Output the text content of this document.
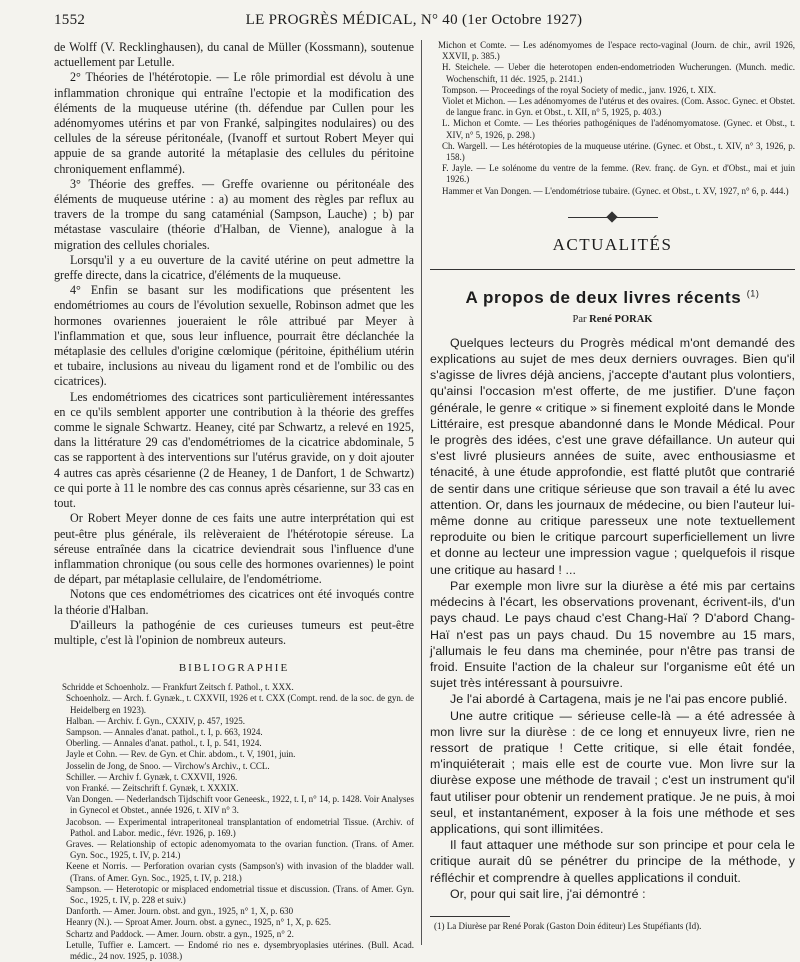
1552	LE PROGRÈS MÉDICAL, N° 40 (1er Octobre 1927)

de Wolff (V. Recklinghausen), du canal de Müller (Kossmann), soutenue actuellement par Letulle.

2° Théories de l'hétérotopie. — Le rôle primordial est dévolu à une inflammation chronique qui entraîne l'ectopie et la modification des éléments de la muqueuse utérine (th. défendue par Cullen pour les adénomyomes utérins et par von Franké, salpingites nodulaires) ou des cellules de la séreuse péritonéale, (Ivanoff et surtout Robert Meyer qui appuie de sa grande autorité la métaplasie des cellules du péritoine chroniquement enflammé).

3° Théorie des greffes. — Greffe ovarienne ou péritonéale des éléments de muqueuse utérine : a) au moment des règles par reflux au travers de la trompe du sang cataménial (Sampson, Lauche) ; b) par métastase vasculaire (théorie d'Halban, de Vienne), analogue à la migration des cellules choriales.

Lorsqu'il y a eu ouverture de la cavité utérine on peut admettre la greffe directe, dans la cicatrice, d'éléments de la muqueuse.

4° Enfin se basant sur les modifications que présentent les endométriomes au cours de l'évolution sexuelle, Robinson admet que les hormones ovariennes joueraient le rôle attribué par Meyer à l'inflammation et que, sous leur influence, pourrait être déclanchée la métaplasie des cellules d'origine cœlomique (péritoine, épithélium utérin et tubaire, inclusions au niveau du ligament rond et de l'ombilic ou des cicatrices).

Les endométriomes des cicatrices sont particulièrement intéressantes en ce qu'ils semblent apporter une contribution à la théorie des greffes comme le signale Schwartz. Heaney, cité par Schwartz, a relevé en 1925, dans la littérature 29 cas d'endométriomes de la cicatrice abdominale, 5 cas se rapportent à des interventions sur l'utérus gravide, on y doit ajouter 4 autres cas après césarienne (2 de Heaney, 1 de Danfort, 1 de Schwartz) ce qui porte à 11 le nombre des cas connus après césarienne, sur 33 cas en tout.

Or Robert Meyer donne de ces faits une autre interprétation qui est peut-être plus générale, ils relèveraient de l'hétérotopie séreuse. La séreuse entraînée dans la cicatrice deviendrait sous l'influence d'une inflammation chronique (ou sous celle des hormones ovariennes) le point de départ, par métaplasie cellulaire, de l'endométriome.

Notons que ces endométriomes des cicatrices ont été invoqués contre la théorie d'Halban.

D'ailleurs la pathogénie de ces curieuses tumeurs est peut-être multiple, c'est là l'opinion de nombreux auteurs.

BIBLIOGRAPHIE

Schridde et Schoenholz. — Frankfurt Zeitsch f. Pathol., t. XXX.

Schoenholz. — Arch. f. Gynæk., t. CXXVII, 1926 et t. CXX (Compt. rend. de la soc. de gyn. de Heidelberg en 1923).

Halban. — Archiv. f. Gyn., CXXIV, p. 457, 1925.

Sampson. — Annales d'anat. pathol., t. I, p. 663, 1924.

Oberling. — Annales d'anat. pathol., t. I, p. 541, 1924.

Jayle et Cohn. — Rev. de Gyn. et Chir. abdom., t. V, 1901, juin.

Josselin de Jong, de Snoo. — Virchow's Archiv., t. CCL.

Schiller. — Archiv f. Gynæk, t. CXXVII, 1926.

von Franké. — Zeitschrift f. Gynæk, t. XXXIX.

Van Dongen. — Nederlandsch Tijdschift voor Geneesk., 1922, t. I, n° 14, p. 1428. Voir Analyses in Gynecol et Obstet., année 1926, t. XIV n° 3.

Jacobson. — Experimental intraperitoneal transplantation of endometrial Tissue. (Archiv. of Pathol. and Labor. medic., févr. 1926, p. 169.)

Graves. — Relationship of ectopic adenomyomata to the ovarian function. (Trans. of Amer. Gyn. Soc., 1925, t. IV, p. 214.)

Keene et Norris. — Perforation ovarian cysts (Sampson's) with invasion of the bladder wall. (Trans. of Amer. Gyn. Soc., 1925, t. IV, p. 218.)

Sampson. — Heterotopic or misplaced endometrial tissue et discussion. (Trans. of Amer. Gyn. Soc., 1925, t. IV, p. 228 et suiv.)

Danforth. — Amer. Journ. obst. and gyn., 1925, n° 1, X, p. 630

Heanry (N.). — Sproat Amer. Journ. obst. a gynec., 1925, n° 1, X, p. 625.

Schartz and Paddock. — Amer. Journ. obstr. a gyn., 1925, n° 2.

Letulle, Tuffier e. Lamcert. — Endomé rio nes e. dysembryoplasies utérines. (Bull. Acad. médic., 24 nov. 1925, p. 1038.)

Michon et Comte. — Les adénomyomes de l'espace recto-vaginal (Journ. de chir., avril 1926, XXVII, p. 385.)

H. Steichele. — Ueber die heterotopen enden-endometrioden Wucherungen. (Munch. medic. Wochenschift, 11 déc. 1925, p. 2141.)

Tompson. — Proceedings of the royal Society of medic., janv. 1926, t. XIX.

Violet et Michon. — Les adénomyomes de l'utérus et des ovaires. (Com. Assoc. Gynec. et Obstet. de langue franc. in Gyn. et Obst., t. XII, n° 5, 1925, p. 403.)

L. Michon et Comte. — Les théories pathogéniques de l'adénomyomatose. (Gynec. et Obst., t. XIV, n° 5, 1926, p. 298.)

Ch. Wargell. — Les hétérotopies de la muqueuse utérine. (Gynec. et Obst., t. XIV, n° 3, 1926, p. 158.)

F. Jayle. — Le solénome du ventre de la femme. (Rev. franç. de Gyn. et d'Obst., mai et juin 1926.)

Hammer et Van Dongen. — L'endométriose tubaire. (Gynec. et Obst., t. XV, 1927, n° 6, p. 444.)

ACTUALITÉS
A propos de deux livres récents $^{(1)}$
Par René PORAK

Quelques lecteurs du Progrès médical m'ont demandé des explications au sujet de mes deux derniers ouvrages. Bien qu'il s'agisse de livres déjà anciens, j'accepte d'autant plus volontiers, qu'ainsi l'occasion m'est offerte, de me justifier. D'une façon générale, le genre « critique » si finement exploité dans le Monde Littéraire, est presque abandonné dans le Monde Médical. Pour le progrès des idées, c'est une grave défaillance. Un auteur qui s'est livré plusieurs années de suite, avec enthousiasme et ténacité, à une étude approfondie, est flatté plutôt que contrarié de sentir dans une critique sérieuse que son travail a été lu avec attention. Or, dans les journaux de médecine, ou bien l'auteur lui-même donne au critique paresseux une note textuellement reproduite ou bien le critique parcourt superficiellement un livre et donne au lecteur une impression vague ; quelquefois il risque une critique au hasard ! ...

Par exemple mon livre sur la diurèse a été mis par certains médecins à l'écart, les observations provenant, écrivent-ils, d'un pays chaud. Le pays chaud c'est Chang-Haï ? D'abord Chang-Haï n'est pas un pays chaud. Du 15 novembre au 15 mars, j'allumais le feu dans ma cheminée, pour n'être pas transi de froid. Ensuite l'action de la chaleur sur l'organisme eût été un sujet très intéressant à poursuivre.

Je l'ai abordé à Cartagena, mais je ne l'ai pas encore publié.

Une autre critique — sérieuse celle-là — a été adressée à mon livre sur la diurèse : de ce long et ennuyeux livre, rien ne ressort de pratique ! Cette critique, si elle était fondée, m'inquiéterait ; mais elle est de courte vue. Mon livre sur la diurèse expose une méthode de travail ; c'est un instrument qu'il faut utiliser pour obtenir un rendement pratique. Je ne puis, à moi seul, et instantanément, exposer à la fois une méthode et ses applications, qui sont illimitées.

Il faut attaquer une méthode sur son principe et pour cela le critique aurait dû se pénétrer du principe de la méthode, y réfléchir et comprendre à quelles applications il conduit.

Or, pour qui sait lire, j'ai démontré :

(1) La Diurèse par René Porak (Gaston Doin éditeur) Les Stupéfiants (Id).
